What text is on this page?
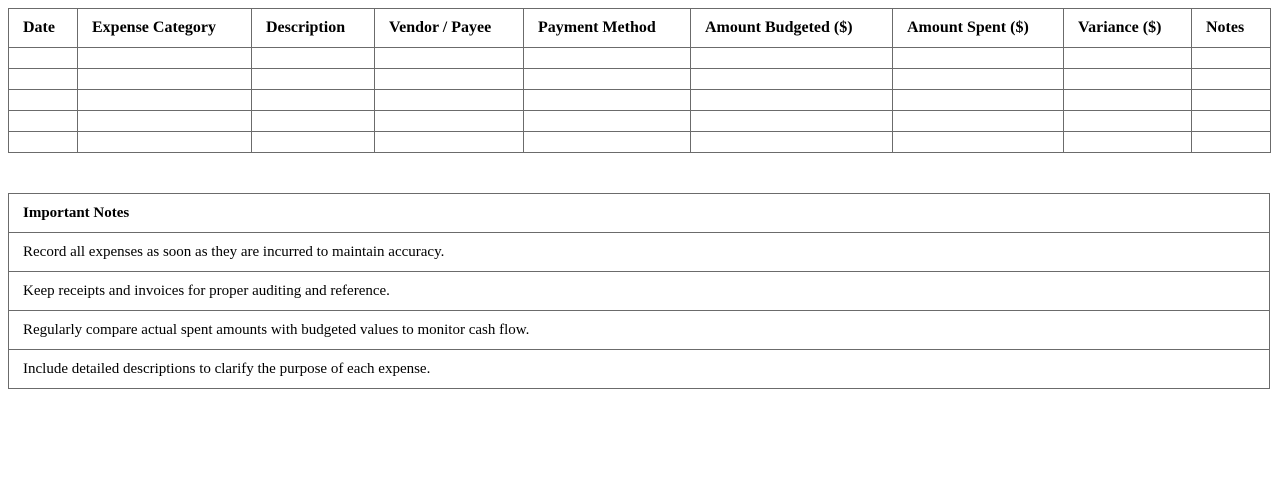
Date	Expense Category	Description	Vendor / Payee	Payment Method	Amount Budgeted ($)	Amount Spent ($)	Variance ($)	Notes

Important Notes
Record all expenses as soon as they are incurred to maintain accuracy.
Keep receipts and invoices for proper auditing and reference.
Regularly compare actual spent amounts with budgeted values to monitor cash flow.
Include detailed descriptions to clarify the purpose of each expense.
